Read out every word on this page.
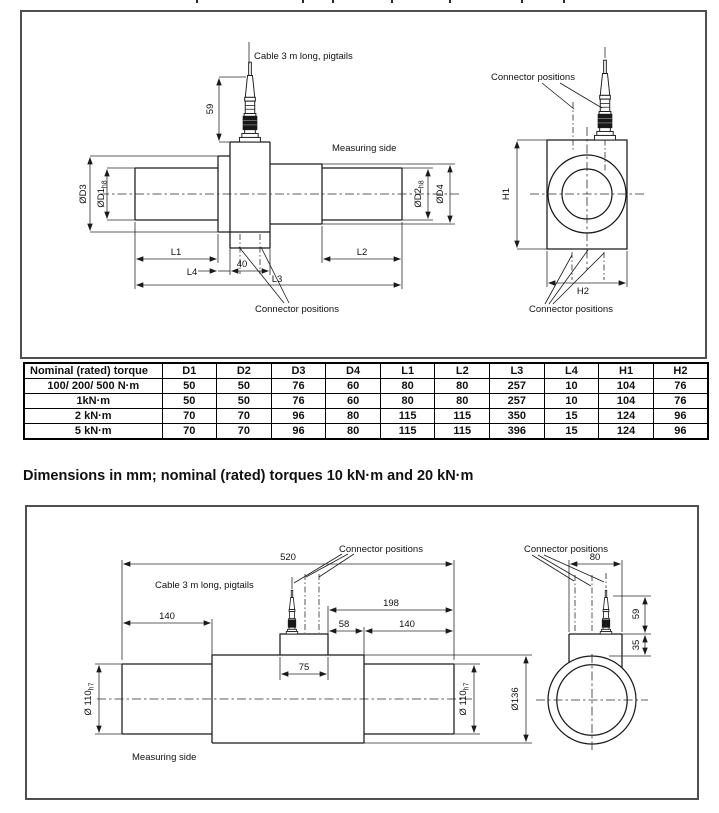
Cable 3 m long, pigtails
Measuring side
59
ØD3 $ØD1_{h8}$
$ØD2_{h8}$ ØD4
L1	L2
L4
40
L3
Connector positions
Connector positions
H1
H2
Connector positions
Nominal (rated) torque	D1	D2	D3	D4	L1	L2	L3	L4	H1	H2
100/ 200/ 500 N·m	50	50	76	60	80	80	257	10	104	76
1kN·m	50	50	76	60	80	80	257	10	104	76
2 kN·m	70	70	96	80	115	115	350	15	124	96
5 kN·m	70	70	96	80	115	115	396	15	124	96
Dimensions in mm; nominal (rated) torques 10 kN·m and 20 kN·m
520
Cable 3 m long, pigtails
Connector positions
140
198
58	140
75
Ø $110_{h7}$
Ø $110_{h7}$
Ø136
Measuring side
Connector positions
80
59
35
